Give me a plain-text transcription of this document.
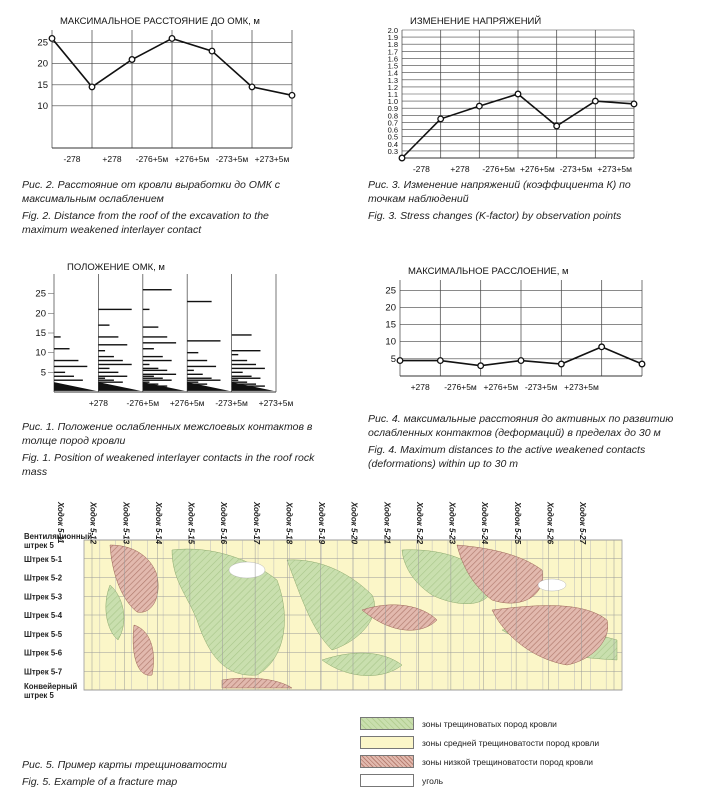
МАКСИМАЛЬНОЕ РАССТОЯНИЕ ДО ОМК, м
25
20
15
10
-278	+278 -276+5м +276+5м -273+5м +273+5м
Рис. 2. Расстояние от кровли выработки до ОМК с максимальным ослаблением
Fig. 2. Distance from the roof of the excavation to the maximum weakened interlayer contact
ИЗМЕНЕНИЕ НАПРЯЖЕНИЙ
2.0
1.9
1.8
1.7
1.6
1.5
1.4
1.3
1.2
1.1
1.0
0.9
0.8
0.7
0.6
0.5
0.4
0.3
-278 +278 -276+5м +276+5м -273+5м +273+5м
Рис. 3. Изменение напряжений (коэффициента К) по точкам наблюдений
Fig. 3. Stress changes (K-factor) by observation points
ПОЛОЖЕНИЕ ОМК, м
25
20
15
10
5
+278 -276+5м +276+5м -273+5м +273+5м
Рис. 1. Положение ослабленных межслоевых контактов в толще пород кровли
Fig. 1. Position of weakened interlayer contacts in the roof rock mass
МАКСИМАЛЬНОЕ РАССЛОЕНИЕ, м
25
20
15
10
5
+278 -276+5м +276+5м -273+5м +273+5м
Рис. 4. максимальные расстояния до активных по развитию ослабленных контактов (деформаций) в пределах до 30 м
Fig. 4. Maximum distances to the active weakened contacts (deformations) within up to 30 m
Ходок 5-11	Ходок 5-12	Ходок 5-13	Ходок 5-14	Ходок 5-15	Ходок 5-16	Ходок 5-17	Ходок 5-18	Ходок 5-19	Ходок 5-20	Ходок 5-21	Ходок 5-22	Ходок 5-23	Ходок 5-24	Ходок 5-25	Ходок 5-26	Ходок 5-27
Вентиляционный
штрек 5
Штрек 5-1
Штрек 5-2
Штрек 5-3
Штрек 5-4
Штрек 5-5
Штрек 5-6
Штрек 5-7
Конвейерный
штрек 5
зоны трещиноватых пород кровли
зоны средней трещиноватости пород кровли
зоны низкой трещиноватости пород кровли
уголь
Рис. 5. Пример карты трещиноватости
Fig. 5. Example of a fracture map
